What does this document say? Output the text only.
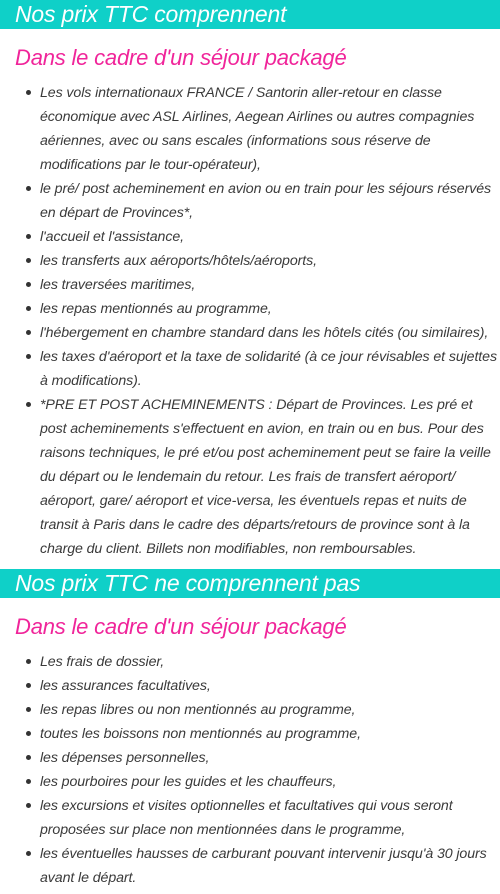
Nos prix TTC comprennent
Dans le cadre d'un séjour packagé
Les vols internationaux FRANCE / Santorin aller-retour en classe économique avec ASL Airlines, Aegean Airlines ou autres compagnies aériennes, avec ou sans escales (informations sous réserve de modifications par le tour-opérateur),
le pré/ post acheminement en avion ou en train pour les séjours réservés en départ de Provinces*,
l'accueil et l'assistance,
les transferts aux aéroports/hôtels/aéroports,
les traversées maritimes,
les repas mentionnés au programme,
l'hébergement en chambre standard dans les hôtels cités (ou similaires),
les taxes d'aéroport et la taxe de solidarité (à ce jour révisables et sujettes à modifications).
*PRE ET POST ACHEMINEMENTS : Départ de Provinces. Les pré et post acheminements s'effectuent en avion, en train ou en bus. Pour des raisons techniques, le pré et/ou post acheminement peut se faire la veille du départ ou le lendemain du retour. Les frais de transfert aéroport/ aéroport, gare/ aéroport et vice-versa, les éventuels repas et nuits de transit à Paris dans le cadre des départs/retours de province sont à la charge du client. Billets non modifiables, non remboursables.
Nos prix TTC ne comprennent pas
Dans le cadre d'un séjour packagé
Les frais de dossier,
les assurances facultatives,
les repas libres ou non mentionnés au programme,
toutes les boissons non mentionnés au programme,
les dépenses personnelles,
les pourboires pour les guides et les chauffeurs,
les excursions et visites optionnelles et facultatives qui vous seront proposées sur place non mentionnées dans le programme,
les éventuelles hausses de carburant pouvant intervenir jusqu'à 30 jours avant le départ.
